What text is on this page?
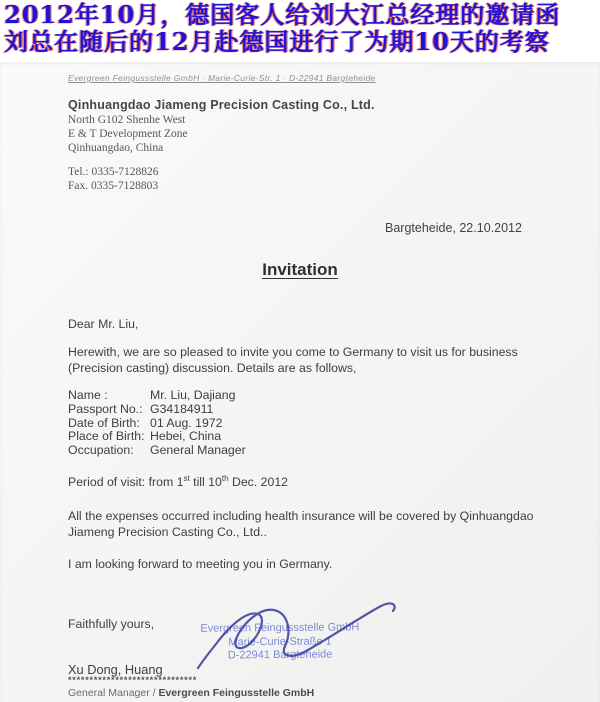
2012年10月，德国客人给刘大江总经理的邀请函
刘总在随后的12月赴德国进行了为期10天的考察
Evergreen Feingussstelle GmbH · Marie-Curie-Str. 1 · D-22941 Bargteheide
Qinhuangdao Jiameng Precision Casting Co., Ltd.
North G102 Shenhe West
E & T Development Zone
Qinhuangdao, China
Tel.: 0335-7128826
Fax. 0335-7128803
Bargteheide, 22.10.2012
Invitation
Dear Mr. Liu,
Herewith, we are so pleased to invite you come to Germany to visit us for business (Precision casting) discussion. Details are as follows,
Name :	Mr. Liu, Dajiang
Passport No.: G34184911
Date of Birth: 01 Aug. 1972
Place of Birth: Hebei, China
Occupation:	General Manager
Period of visit: from 1st till 10th Dec. 2012
All the expenses occurred including health insurance will be covered by Qinhuangdao Jiameng Precision Casting Co., Ltd..
I am looking forward to meeting you in Germany.
Faithfully yours,	Evergreen Feingussstelle GmbH
Marie-Curie-Straße 1
D-22941 Bargteheide
Xu Dong, Huang
******************************
General Manager / Evergreen Feingusstelle GmbH
